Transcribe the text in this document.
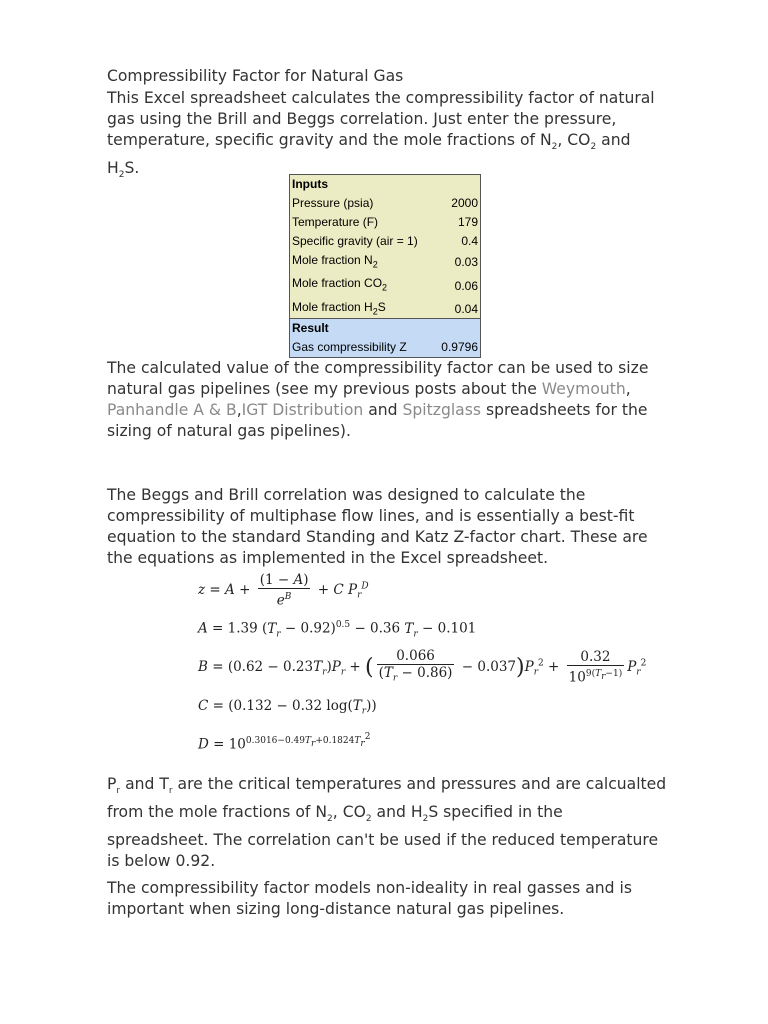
Compressibility Factor for Natural Gas

This Excel spreadsheet calculates the compressibility factor of natural gas using the Brill and Beggs correlation. Just enter the pressure, temperature, specific gravity and the mole fractions of $N_2$, $CO_2$ and $H_2S$.

Inputs	
Pressure (psia)	2000
Temperature (F)	179
Specific gravity (air = 1)	0.4
Mole fraction $N_2$	0.03
Mole fraction $CO_2$	0.06
Mole fraction $H_2S$	0.04
Result
Gas compressibility Z	0.9796

The calculated value of the compressibility factor can be used to size natural gas pipelines (see my previous posts about the Weymouth, Panhandle A & B,IGT Distribution and Spitzglass spreadsheets for the sizing of natural gas pipelines).

The Beggs and Brill correlation was designed to calculate the compressibility of multiphase flow lines, and is essentially a best-fit equation to the standard Standing and Katz Z-factor chart. These are the equations as implemented in the Excel spreadsheet.

$z = A + \frac{(1 - A)}{e^B} + C$ $P_r^D$
A = 1.39 $(T_r - 0.92)^{0.5} - 0.36$ $T_r - 0.101$
$B = (0.62 - 0.23T_r)P_r$ + ( $\frac{0.066}{(T_r - 0.86)} - 0.037)P_r^2 + \frac{0.32}{10^{9(T_r-1)}} P_r^2$
C = (0.132 − 0.32 $\log(T_r)$)
$D = 10^{0.3016-0.49T_r+0.1824T_r^2}$

$P_r$ and $T_r$ are the critical temperatures and pressures and are calcualted from the mole fractions of $N_2$, $CO_2$ and $H_2S$ specified in the spreadsheet. The correlation can't be used if the reduced temperature is below 0.92.

The compressibility factor models non-ideality in real gasses and is important when sizing long-distance natural gas pipelines.
